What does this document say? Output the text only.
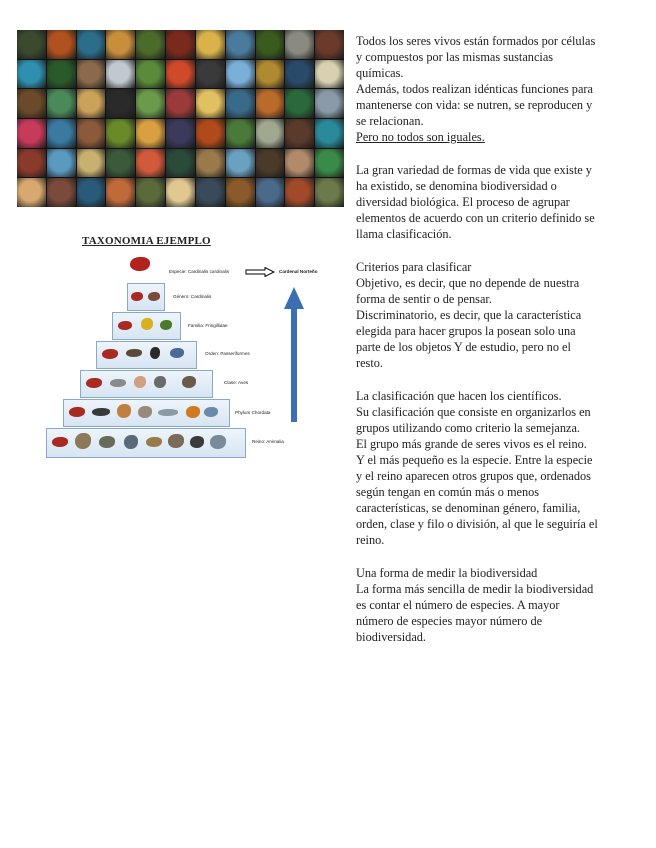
TAXONOMIA EJEMPLO
Especie: Cardinalis cardinalis
Género: Cardinalis
Familia: Fringillidae
Orden: Passeriformes
Clase: Aves
Phylum Chordata
Reino: Animalia
Cardenal Norteño

Todos los seres vivos están formados por células

y compuestos por las mismas sustancias

químicas.

Además, todos realizan idénticas funciones para

mantenerse con vida: se nutren, se reproducen y

se relacionan.

Pero no todos son iguales.

La gran variedad de formas de vida que existe y

ha existido, se denomina biodiversidad o

diversidad biológica. El proceso de agrupar

elementos de acuerdo con un criterio definido se

llama clasificación.

Criterios para clasificar

Objetivo, es decir, que no depende de nuestra

forma de sentir o de pensar.

Discriminatorio, es decir, que la característica

elegida para hacer grupos la posean solo una

parte de los objetos Y de estudio, pero no el

resto.

La clasificación que hacen los científicos.

Su clasificación que consiste en organizarlos en

grupos utilizando como criterio la semejanza.

El grupo más grande de seres vivos es el reino.

Y el más pequeño es la especie. Entre la especie

y el reino aparecen otros grupos que, ordenados

según tengan en común más o menos

características, se denominan género, familia,

orden, clase y filo o división, al que le seguiría el

reino.

Una forma de medir la biodiversidad

La forma más sencilla de medir la biodiversidad

es contar el número de especies. A mayor

número de especies mayor número de

biodiversidad.
